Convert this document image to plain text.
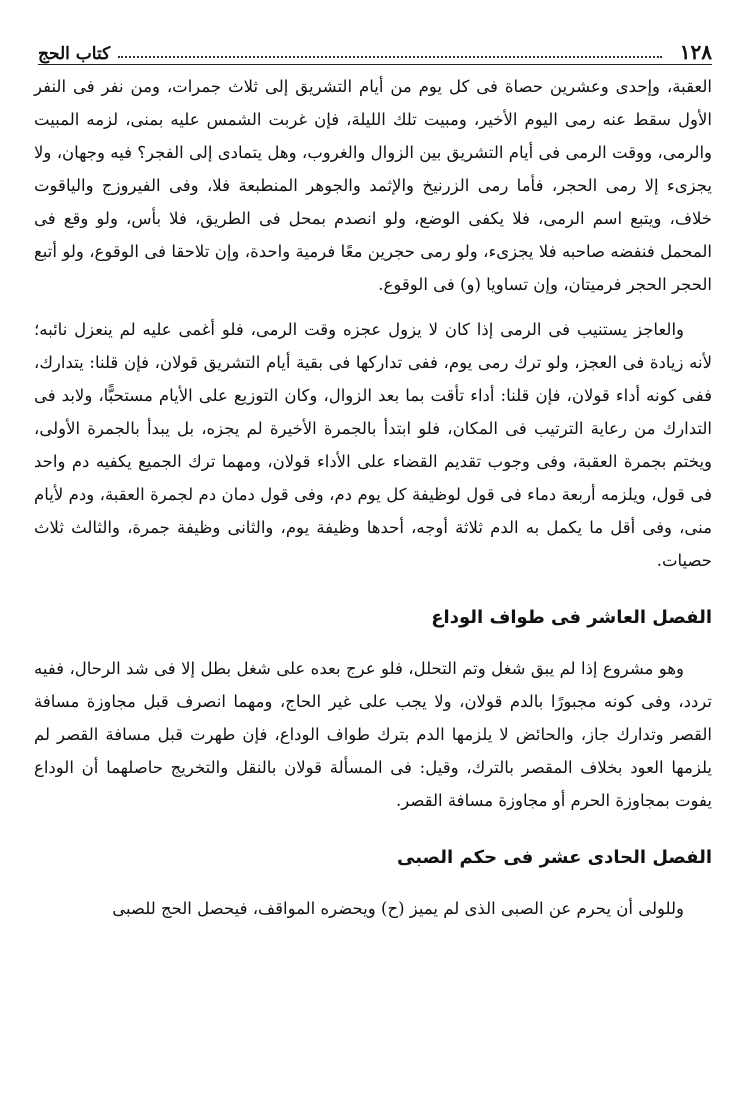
١٢٨
كتاب الحج

العقبة، وإحدى وعشرين حصاة فى كل يوم من أيام التشريق إلى ثلاث جمرات، ومن نفر فى النفر الأول سقط عنه رمى اليوم الأخير، ومبيت تلك الليلة، فإن غربت الشمس عليه بمنى، لزمه المبيت والرمى، ووقت الرمى فى أيام التشريق بين الزوال والغروب، وهل يتمادى إلى الفجر؟ فيه وجهان، ولا يجزىء إلا رمى الحجر، فأما رمى الزرنيخ والإثمد والجوهر المنطبعة فلا، وفى الفيروزج والياقوت خلاف، ويتبع اسم الرمى، فلا يكفى الوضع، ولو انصدم بمحل فى الطريق، فلا بأس، ولو وقع فى المحمل فنفضه صاحبه فلا يجزىء، ولو رمى حجرين معًا فرمية واحدة، وإن تلاحقا فى الوقوع، ولو أتبع الحجر الحجر فرميتان، وإن تساويا (و) فى الوقوع.

والعاجز يستنيب فى الرمى إذا كان لا يزول عجزه وقت الرمى، فلو أغمى عليه لم ينعزل نائبه؛ لأنه زيادة فى العجز، ولو ترك رمى يوم، ففى تداركها فى بقية أيام التشريق قولان، فإن قلنا: يتدارك، ففى كونه أداء قولان، فإن قلنا: أداء تأقت بما بعد الزوال، وكان التوزيع على الأيام مستحبًّا، ولابد فى التدارك من رعاية الترتيب فى المكان، فلو ابتدأ بالجمرة الأخيرة لم يجزه، بل يبدأ بالجمرة الأولى، ويختم بجمرة العقبة، وفى وجوب تقديم القضاء على الأداء قولان، ومهما ترك الجميع يكفيه دم واحد فى قول، ويلزمه أربعة دماء فى قول لوظيفة كل يوم دم، وفى قول دمان دم لجمرة العقبة، ودم لأيام منى، وفى أقل ما يكمل به الدم ثلاثة أوجه، أحدها وظيفة يوم، والثانى وظيفة جمرة، والثالث ثلاث حصيات.

الفصل العاشر فى طواف الوداع

وهو مشروع إذا لم يبق شغل وتم التحلل، فلو عرج بعده على شغل بطل إلا فى شد الرحال، ففيه تردد، وفى كونه مجبورًا بالدم قولان، ولا يجب على غير الحاج، ومهما انصرف قبل مجاوزة مسافة القصر وتدارك جاز، والحائض لا يلزمها الدم بترك طواف الوداع، فإن طهرت قبل مسافة القصر لم يلزمها العود بخلاف المقصر بالترك، وقيل: فى المسألة قولان بالنقل والتخريج حاصلهما أن الوداع يفوت بمجاوزة الحرم أو مجاوزة مسافة القصر.

الفصل الحادى عشر فى حكم الصبى

وللولى أن يحرم عن الصبى الذى لم يميز (ح) ويحضره المواقف، فيحصل الحج للصبى
